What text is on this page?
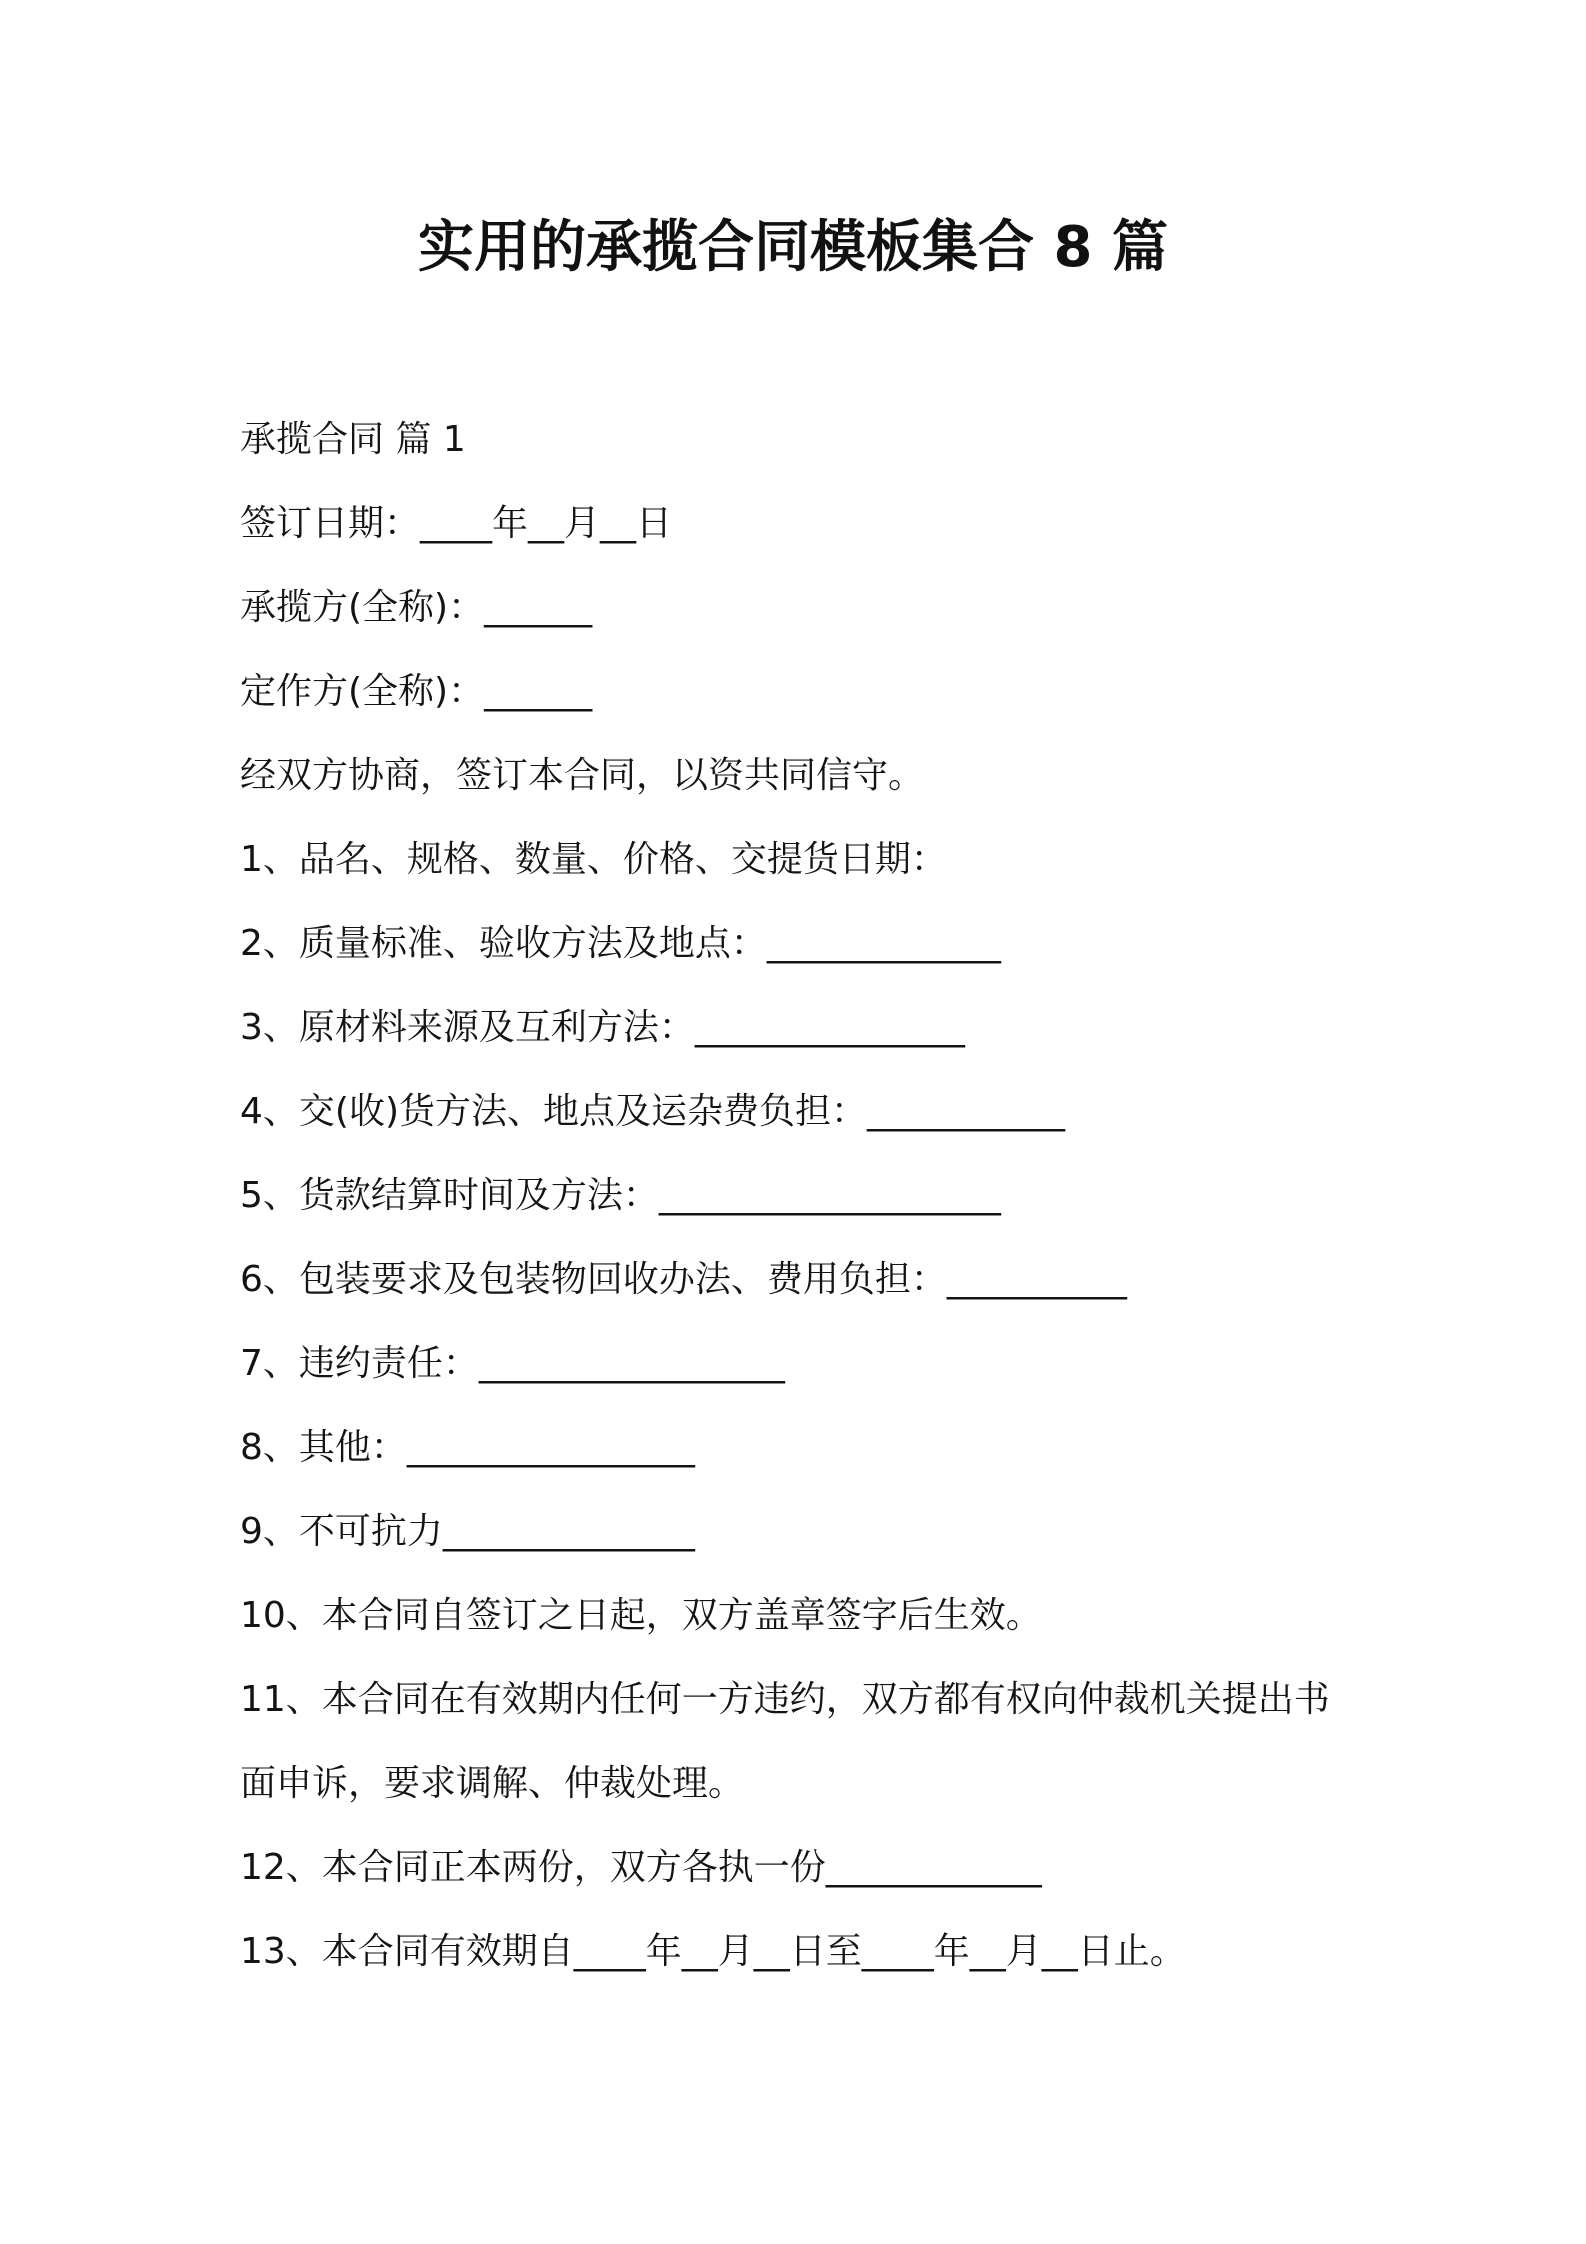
实用的承揽合同模板集合 8 篇

承揽合同 篇 1

签订日期：____年__月__日

承揽方(全称)：______

定作方(全称)：______

经双方协商，签订本合同，以资共同信守。

1、品名、规格、数量、价格、交提货日期：

2、质量标准、验收方法及地点：_____________

3、原材料来源及互利方法：_______________

4、交(收)货方法、地点及运杂费负担：___________

5、货款结算时间及方法：___________________

6、包装要求及包装物回收办法、费用负担：__________

7、违约责任：_________________

8、其他：________________

9、不可抗力______________

10、本合同自签订之日起，双方盖章签字后生效。

11、本合同在有效期内任何一方违约，双方都有权向仲裁机关提出书

面申诉，要求调解、仲裁处理。

12、本合同正本两份，双方各执一份____________

13、本合同有效期自____年__月__日至____年__月__日止。
